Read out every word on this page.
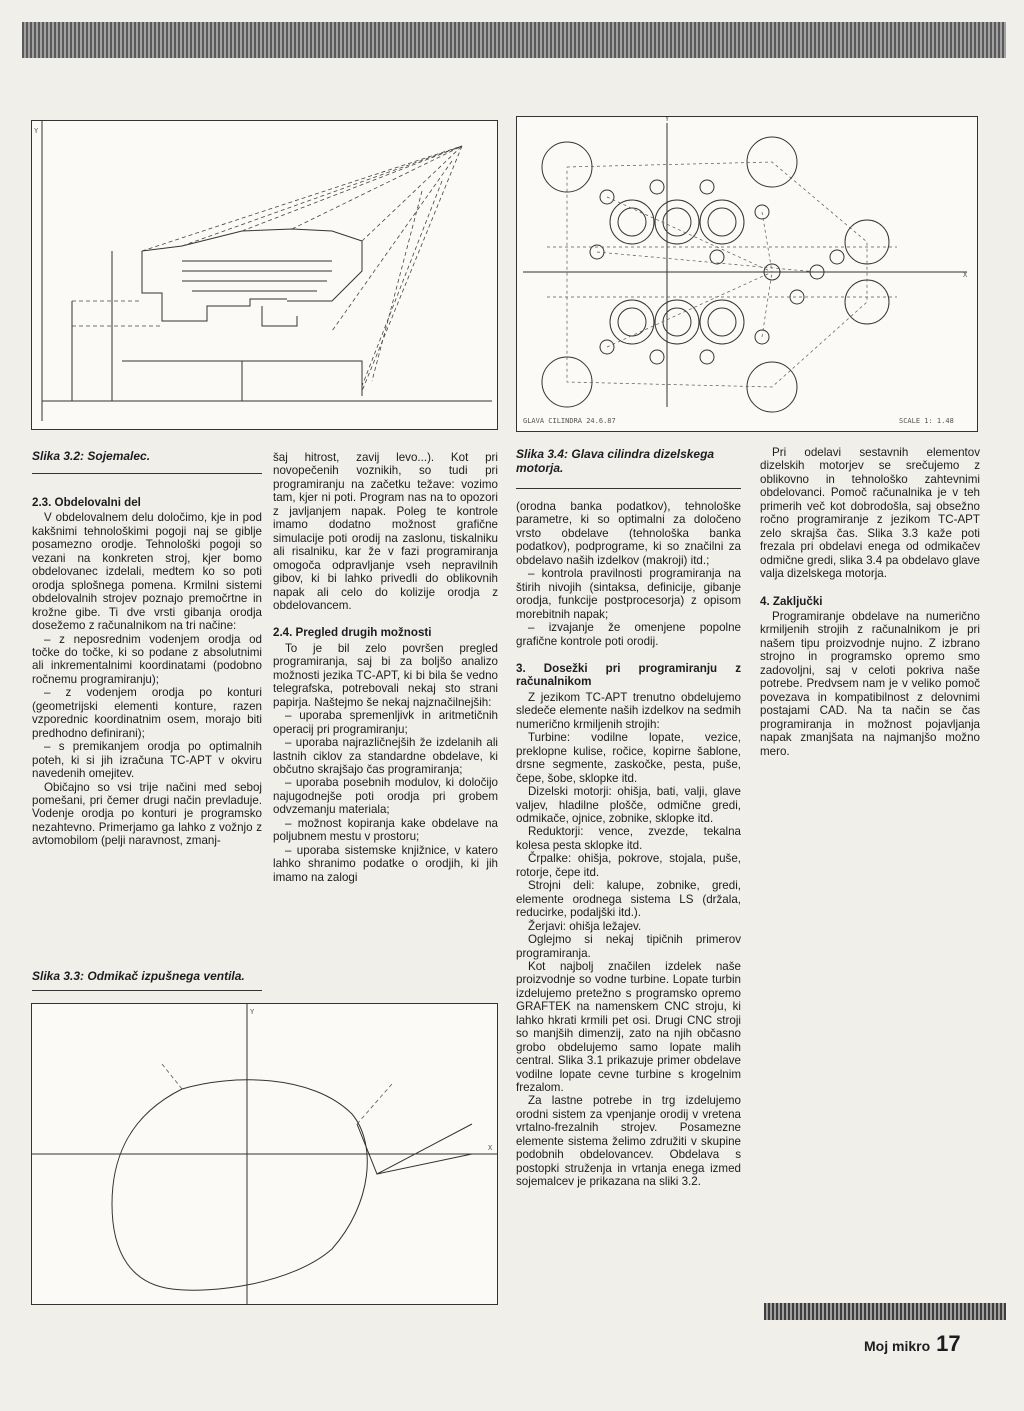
Y
GLAVA CILINDRA 24.6.87	SCALE 1: 1.48
X
Y
Y
X
Slika 3.2: Sojemalec.	Slika 3.4: Glava cilindra dizelskega motorja.
Slika 3.3: Odmikač izpušnega ventila.
2.3. Obdelovalni del

V obdelovalnem delu določimo, kje in pod kakšnimi tehnološkimi pogoji naj se giblje posamezno orodje. Tehnološki pogoji so vezani na konkreten stroj, kjer bomo obdelovanec izdelali, medtem ko so poti orodja splošnega pomena. Krmilni sistemi obdelovalnih strojev poznajo premočrtne in krožne gibe. Ti dve vrsti gibanja orodja dosežemo z računalnikom na tri načine:

– z neposrednim vodenjem orodja od točke do točke, ki so podane z absolutnimi ali inkrementalnimi koordinatami (podobno ročnemu programiranju);

– z vodenjem orodja po konturi (geometrijski elementi konture, razen vzporednic koordinatnim osem, morajo biti predhodno definirani);

– s premikanjem orodja po optimalnih poteh, ki si jih izračuna TC-APT v okviru navedenih omejitev.

Običajno so vsi trije načini med seboj pomešani, pri čemer drugi način prevladuje. Vodenje orodja po konturi je programsko nezahtevno. Primerjamo ga lahko z vožnjo z avtomobilom (pelji naravnost, zmanj-

šaj hitrost, zavij levo...). Kot pri novopečenih voznikih, so tudi pri programiranju na začetku težave: vozimo tam, kjer ni poti. Program nas na to opozori z javljanjem napak. Poleg te kontrole imamo dodatno možnost grafične simulacije poti orodij na zaslonu, tiskalniku ali risalniku, kar že v fazi programiranja omogoča odpravljanje vseh nepravilnih gibov, ki bi lahko privedli do oblikovnih napak ali celo do kolizije orodja z obdelovancem.

2.4. Pregled drugih možnosti

To je bil zelo površen pregled programiranja, saj bi za boljšo analizo možnosti jezika TC-APT, ki bi bila še vedno telegrafska, potrebovali nekaj sto strani papirja. Naštejmo še nekaj najznačilnejših:

– uporaba spremenljivk in aritmetičnih operacij pri programiranju;

– uporaba najrazličnejših že izdelanih ali lastnih ciklov za standardne obdelave, ki občutno skrajšajo čas programiranja;

– uporaba posebnih modulov, ki določijo najugodnejše poti orodja pri grobem odvzemanju materiala;

– možnost kopiranja kake obdelave na poljubnem mestu v prostoru;

– uporaba sistemske knjižnice, v katero lahko shranimo podatke o orodjih, ki jih imamo na zalogi

(orodna banka podatkov), tehnološke parametre, ki so optimalni za določeno vrsto obdelave (tehnološka banka podatkov), podprograme, ki so značilni za obdelavo naših izdelkov (makroji) itd.;

– kontrola pravilnosti programiranja na štirih nivojih (sintaksa, definicije, gibanje orodja, funkcije postprocesorja) z opisom morebitnih napak;

– izvajanje že omenjene popolne grafične kontrole poti orodij.

3. Dosežki pri programiranju z računalnikom

Z jezikom TC-APT trenutno obdelujemo sledeče elemente naših izdelkov na sedmih numerično krmiljenih strojih:

Turbine: vodilne lopate, vezice, preklopne kulise, ročice, kopirne šablone, drsne segmente, zaskočke, pesta, puše, čepe, šobe, sklopke itd.

Dizelski motorji: ohišja, bati, valji, glave valjev, hladilne plošče, odmične gredi, odmikače, ojnice, zobnike, sklopke itd.

Reduktorji: vence, zvezde, tekalna kolesa pesta sklopke itd.

Črpalke: ohišja, pokrove, stojala, puše, rotorje, čepe itd.

Strojni deli: kalupe, zobnike, gredi, elemente orodnega sistema LS (držala, reducirke, podaljški itd.).

Žerjavi: ohišja ležajev.

Oglejmo si nekaj tipičnih primerov programiranja.

Kot najbolj značilen izdelek naše proizvodnje so vodne turbine. Lopate turbin izdelujemo pretežno s programsko opremo GRAFTEK na namenskem CNC stroju, ki lahko hkrati krmili pet osi. Drugi CNC stroji so manjših dimenzij, zato na njih občasno grobo obdelujemo samo lopate malih central. Slika 3.1 prikazuje primer obdelave vodilne lopate cevne turbine s krogelnim frezalom.

Za lastne potrebe in trg izdelujemo orodni sistem za vpenjanje orodij v vretena vrtalno-frezalnih strojev. Posamezne elemente sistema želimo združiti v skupine podobnih obdelovancev. Obdelava s postopki struženja in vrtanja enega izmed sojemalcev je prikazana na sliki 3.2.

Pri odelavi sestavnih elementov dizelskih motorjev se srečujemo z oblikovno in tehnološko zahtevnimi obdelovanci. Pomoč računalnika je v teh primerih več kot dobrodošla, saj obsežno ročno programiranje z jezikom TC-APT zelo skrajša čas. Slika 3.3 kaže poti frezala pri obdelavi enega od odmikačev odmične gredi, slika 3.4 pa obdelavo glave valja dizelskega motorja.

4. Zaključki

Programiranje obdelave na numerično krmiljenih strojih z računalnikom je pri našem tipu proizvodnje nujno. Z izbrano strojno in programsko opremo smo zadovoljni, saj v celoti pokriva naše potrebe. Predvsem nam je v veliko pomoč povezava in kompatibilnost z delovnimi postajami CAD. Na ta način se čas programiranja in možnost pojavljanja napak zmanjšata na najmanjšo možno mero.

Moj mikro 17
